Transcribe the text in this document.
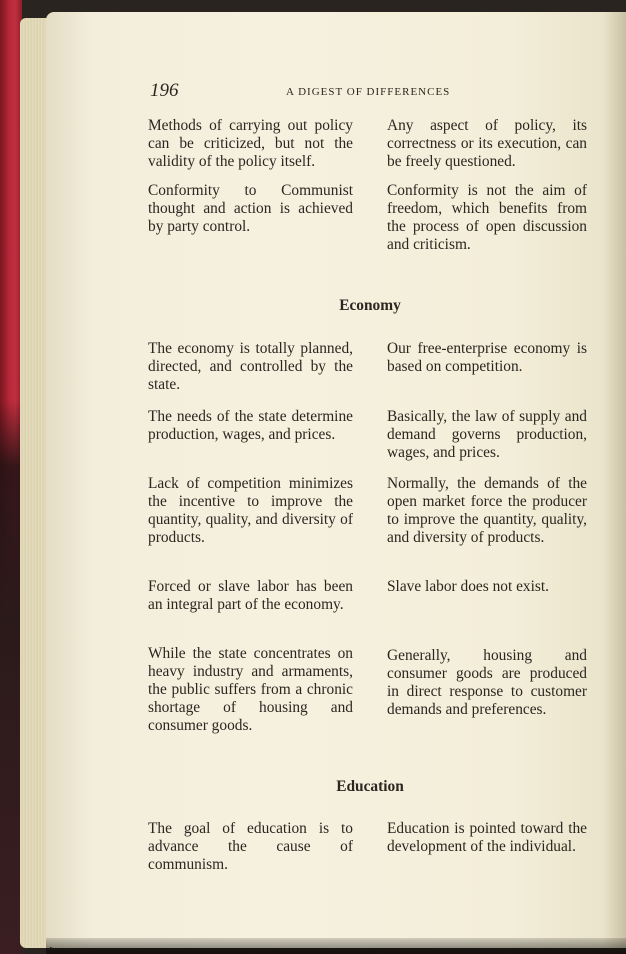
196	A DIGEST OF DIFFERENCES

Methods of carrying out policy can be criticized, but not the validity of the policy itself.

Any aspect of policy, its correctness or its execution, can be freely questioned.

Conformity to Communist thought and action is achieved by party control.

Conformity is not the aim of freedom, which benefits from the process of open discussion and criticism.

Economy

The economy is totally planned, directed, and controlled by the state.

Our free-enterprise economy is based on competition.

The needs of the state determine production, wages, and prices.

Basically, the law of supply and demand governs production, wages, and prices.

Lack of competition minimizes the incentive to improve the quantity, quality, and diversity of products.

Normally, the demands of the open market force the producer to improve the quantity, quality, and diversity of products.

Forced or slave labor has been an integral part of the economy.

Slave labor does not exist.

While the state concentrates on heavy industry and armaments, the public suffers from a chronic shortage of housing and consumer goods.

Generally, housing and consumer goods are produced in direct response to customer demands and preferences.

Education

The goal of education is to advance the cause of communism.

Education is pointed toward the development of the individual.
